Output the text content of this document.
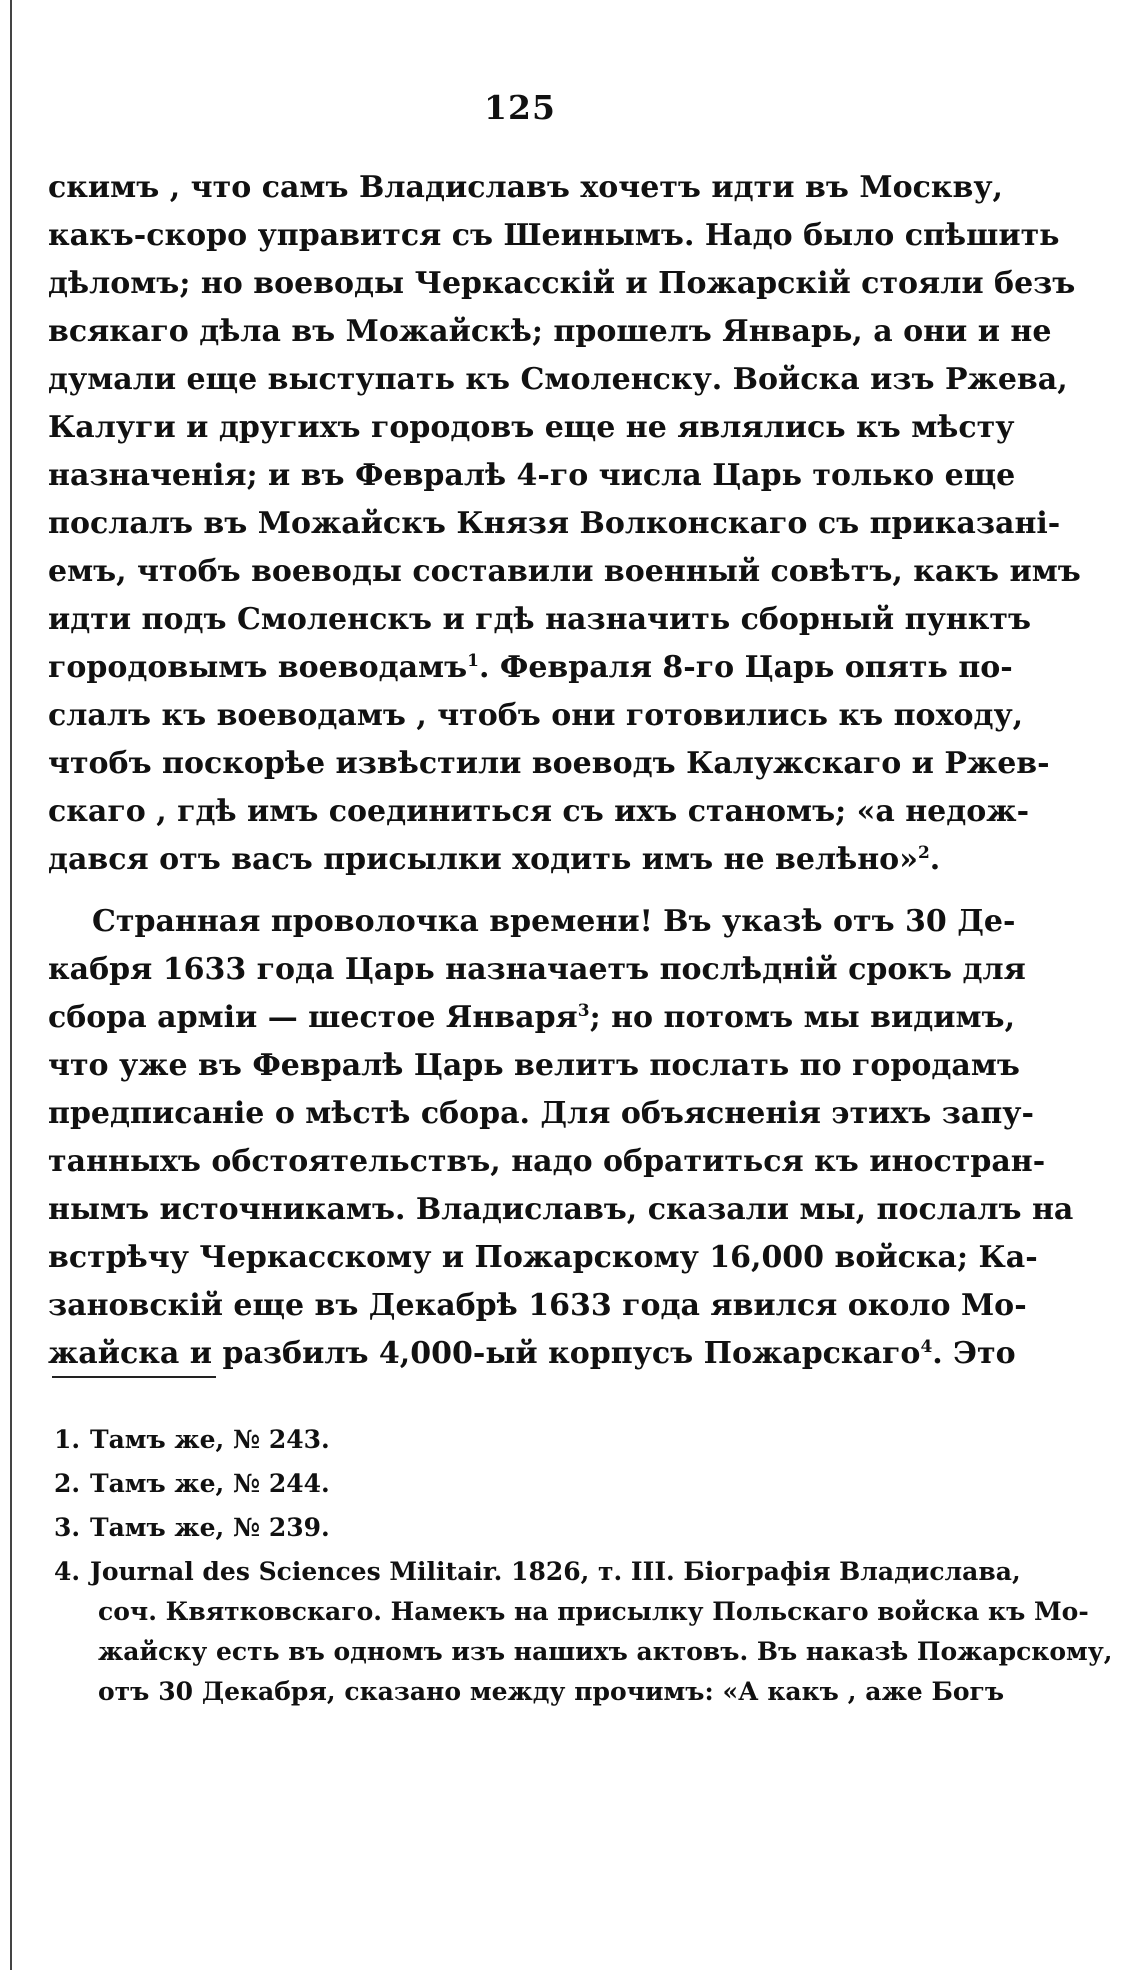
125
скимъ , что самъ Владиславъ хочетъ идти въ Москву,
какъ-скоро управится съ Шеинымъ. Надо было спѣшить
дѣломъ; но воеводы Черкасскій и Пожарскій стояли безъ
всякаго дѣла въ Можайскѣ; прошелъ Январь, а они и не
думали еще выступать къ Смоленску. Войска изъ Ржева,
Калуги и другихъ городовъ еще не являлись къ мѣсту
назначенія; и въ Февралѣ 4-го числа Царь только еще
послалъ въ Можайскъ Князя Волконскаго съ приказані-
емъ, чтобъ воеводы составили военный совѣтъ, какъ имъ
идти подъ Смоленскъ и гдѣ назначить сборный пунктъ
городовымъ воеводамъ$^1$. Февраля 8-го Царь опять по-
слалъ къ воеводамъ , чтобъ они готовились къ походу,
чтобъ поскорѣе извѣстили воеводъ Калужскаго и Ржев-
скаго , гдѣ имъ соединиться съ ихъ станомъ; «а недож-
дався отъ васъ присылки ходить имъ не велѣно»$^2$.
Странная проволочка времени! Въ указѣ отъ 30 Де-
кабря 1633 года Царь назначаетъ послѣдній срокъ для
сбора арміи — шестое Января$^3$; но потомъ мы видимъ,
что уже въ Февралѣ Царь велитъ послать по городамъ
предписаніе о мѣстѣ сбора. Для объясненія этихъ запу-
танныхъ обстоятельствъ, надо обратиться къ иностран-
нымъ источникамъ. Владиславъ, сказали мы, послалъ на
встрѣчу Черкасскому и Пожарскому 16,000 войска; Ка-
зановскій еще въ Декабрѣ 1633 года явился около Мо-
жайска и разбилъ 4,000-ый корпусъ Пожарскаго$^4$. Это
1. Тамъ же, № 243.
2. Тамъ же, № 244.
3. Тамъ же, № 239.
4. Journal des Sciences Militair. 1826, т. III. Біографія Владислава,
соч. Квятковскаго. Намекъ на присылку Польскаго войска къ Мо-
жайску есть въ одномъ изъ нашихъ актовъ. Въ наказѣ Пожарскому,
отъ 30 Декабря, сказано между прочимъ: «А какъ , аже Богъ
